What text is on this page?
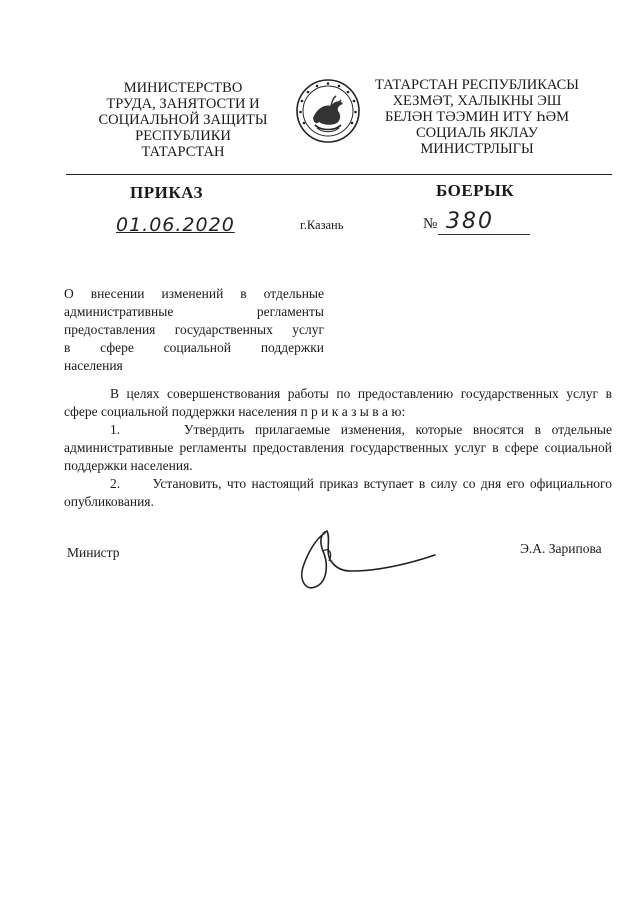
МИНИСТЕРСТВО
ТРУДА, ЗАНЯТОСТИ И
СОЦИАЛЬНОЙ ЗАЩИТЫ
РЕСПУБЛИКИ
ТАТАРСТАН
ТАТАРСТАН РЕСПУБЛИКАСЫ
ХЕЗМӘТ, ХАЛЫКНЫ ЭШ
БЕЛӘН ТӘЭМИН ИТҮ ҺӘМ
СОЦИАЛЬ ЯКЛАУ
МИНИСТРЛЫГЫ
ПРИКАЗ	БОЕРЫК
01.06.2020	г.Казань	№ 380
О внесении изменений в отдельные
административные регламенты
предоставления государственных услуг
в сфере социальной поддержки
населения

В целях совершенствования работы по предоставлению государственных услуг в сфере социальной поддержки населения п р и к а з ы в а ю:

1.      Утвердить прилагаемые изменения, которые вносятся в отдельные административные регламенты предоставления государственных услуг в сфере социальной поддержки населения.

2.      Установить, что настоящий приказ вступает в силу со дня его официального опубликования.

Министр	Э.А. Зарипова
